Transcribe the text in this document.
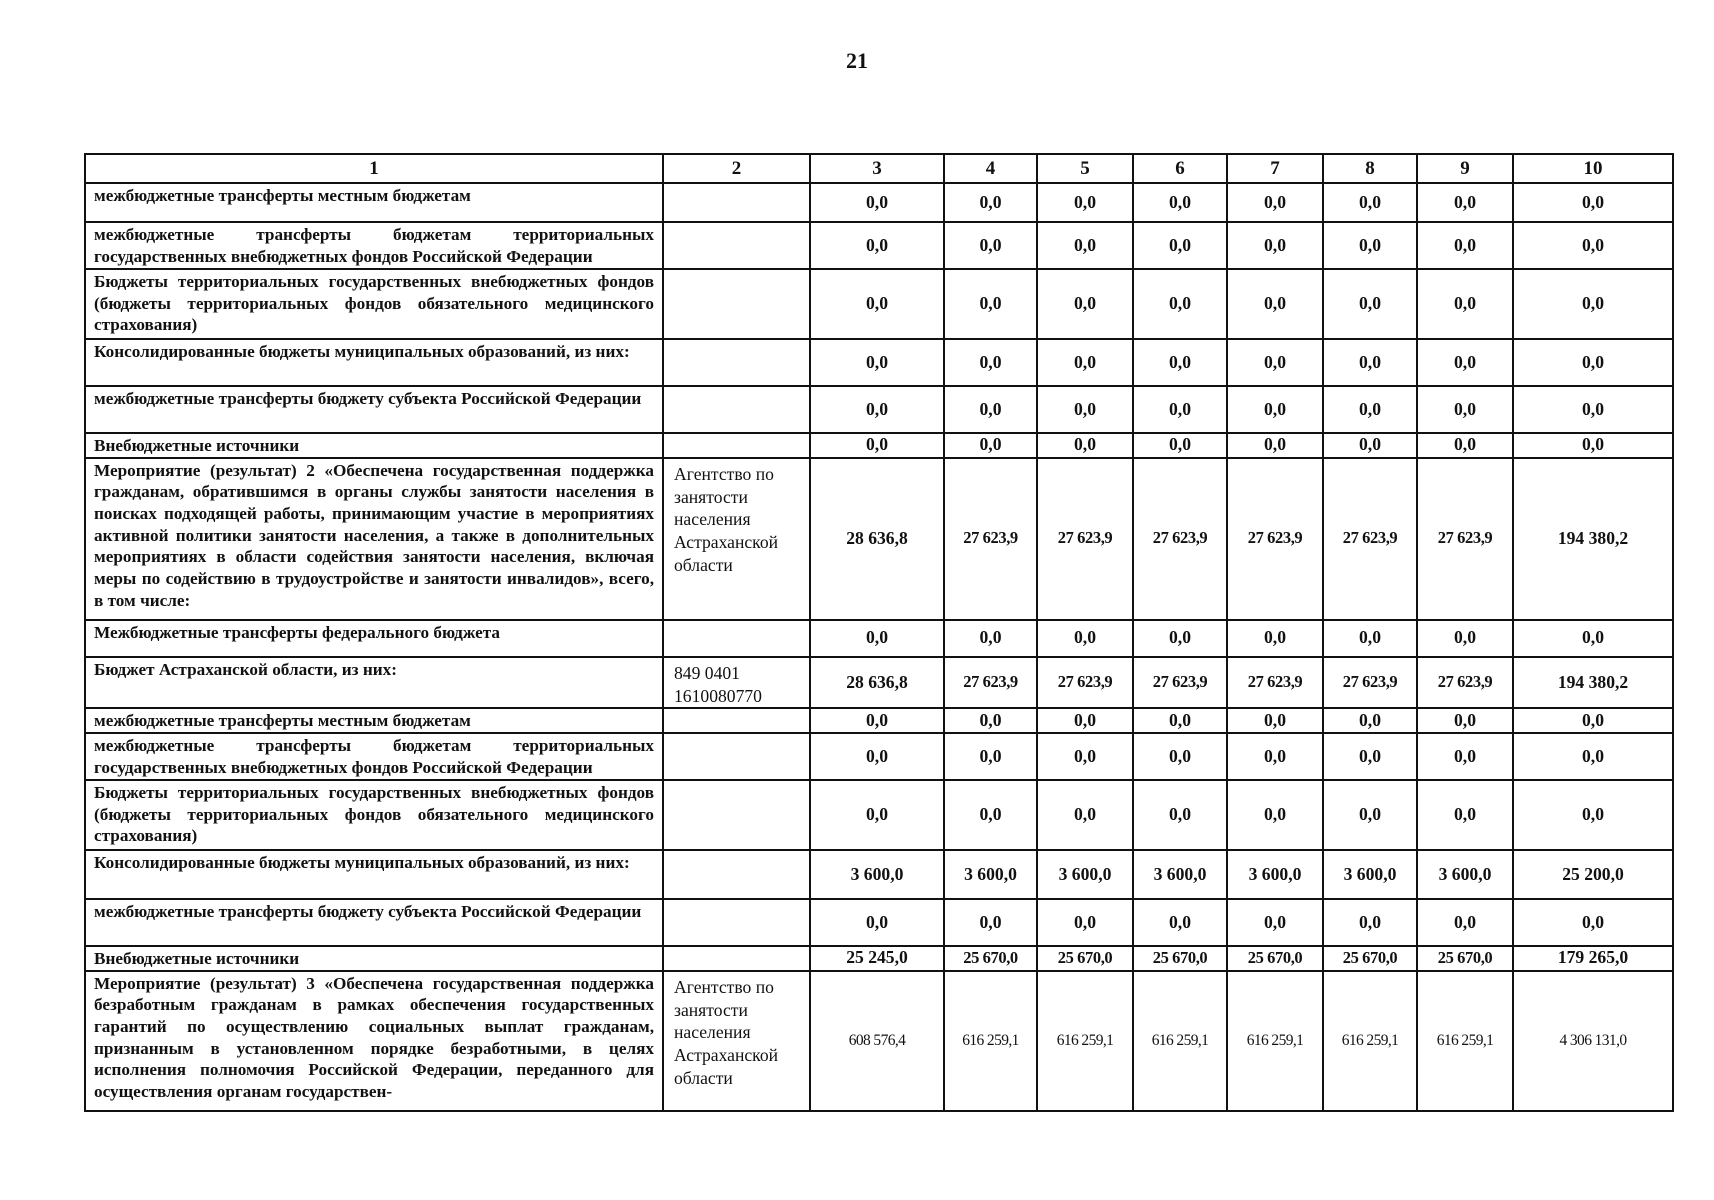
21
1	2	3	4	5	6	7	8	9	10
межбюджетные трансферты местным бюджетам		0,0	0,0	0,0	0,0	0,0	0,0	0,0	0,0
межбюджетные трансферты бюджетам территориальных государственных внебюджетных фондов Российской Федерации		0,0	0,0	0,0	0,0	0,0	0,0	0,0	0,0
Бюджеты территориальных государственных внебюджетных фондов (бюджеты территориальных фондов обязательного медицинского страхования)		0,0	0,0	0,0	0,0	0,0	0,0	0,0	0,0
Консолидированные бюджеты муниципальных образований, из них:		0,0	0,0	0,0	0,0	0,0	0,0	0,0	0,0
межбюджетные трансферты бюджету субъекта Российской Федерации		0,0	0,0	0,0	0,0	0,0	0,0	0,0	0,0
Внебюджетные источники		0,0	0,0	0,0	0,0	0,0	0,0	0,0	0,0
Мероприятие (результат) 2 «Обеспечена государственная поддержка гражданам, обратившимся в органы службы занятости населения в поисках подходящей работы, принимающим участие в мероприятиях активной политики занятости населения, а также в дополнительных мероприятиях в области содействия занятости населения, включая меры по содействию в трудоустройстве и занятости инвалидов», всего, в том числе:	Агентство по занятости населения Астраханской области	28 636,8	27 623,9	27 623,9	27 623,9	27 623,9	27 623,9	27 623,9	194 380,2
Межбюджетные трансферты федерального бюджета		0,0	0,0	0,0	0,0	0,0	0,0	0,0	0,0
Бюджет Астраханской области, из них:	849 0401 1610080770	28 636,8	27 623,9	27 623,9	27 623,9	27 623,9	27 623,9	27 623,9	194 380,2
межбюджетные трансферты местным бюджетам		0,0	0,0	0,0	0,0	0,0	0,0	0,0	0,0
межбюджетные трансферты бюджетам территориальных государственных внебюджетных фондов Российской Федерации		0,0	0,0	0,0	0,0	0,0	0,0	0,0	0,0
Бюджеты территориальных государственных внебюджетных фондов (бюджеты территориальных фондов обязательного медицинского страхования)		0,0	0,0	0,0	0,0	0,0	0,0	0,0	0,0
Консолидированные бюджеты муниципальных образований, из них:		3 600,0	3 600,0	3 600,0	3 600,0	3 600,0	3 600,0	3 600,0	25 200,0
межбюджетные трансферты бюджету субъекта Российской Федерации		0,0	0,0	0,0	0,0	0,0	0,0	0,0	0,0
Внебюджетные источники		25 245,0	25 670,0	25 670,0	25 670,0	25 670,0	25 670,0	25 670,0	179 265,0
Мероприятие (результат) 3 «Обеспечена государственная поддержка безработным гражданам в рамках обеспечения государственных гарантий по осуществлению социальных выплат гражданам, признанным в установленном порядке безработными, в целях исполнения полномочия Российской Федерации, переданного для осуществления органам государствен-	Агентство по занятости населения Астраханской области	608 576,4	616 259,1	616 259,1	616 259,1	616 259,1	616 259,1	616 259,1	4 306 131,0
